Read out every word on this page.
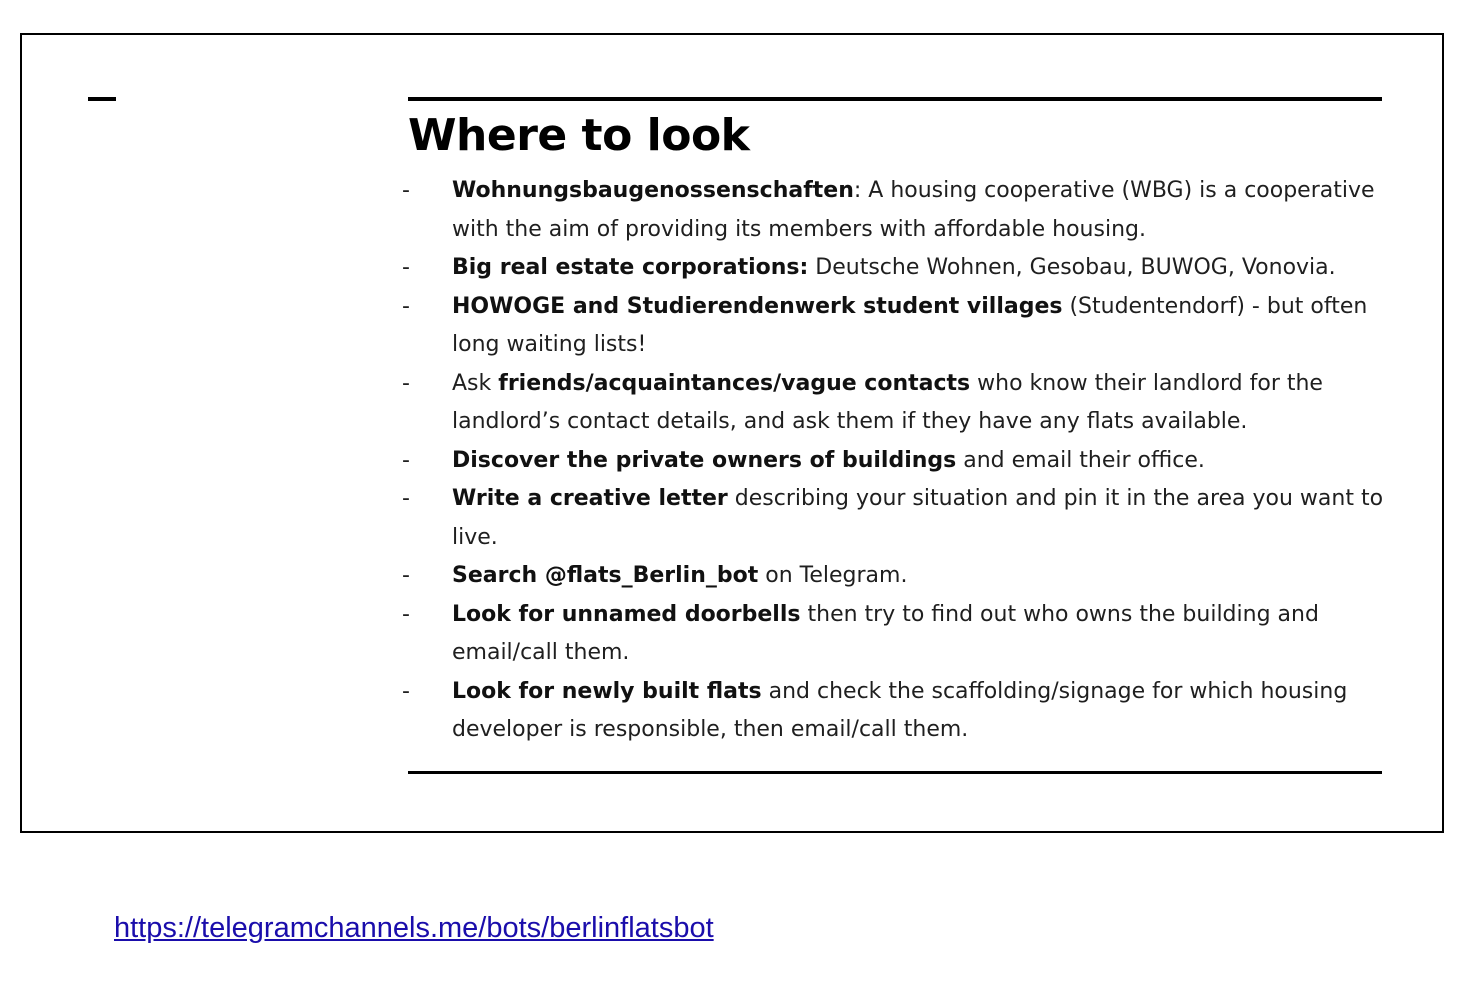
Where to look
-	Wohnungsbaugenossenschaften: A housing cooperative (WBG) is a cooperative with the aim of providing its members with affordable housing.
-	Big real estate corporations: Deutsche Wohnen, Gesobau, BUWOG, Vonovia.
-	HOWOGE and Studierendenwerk student villages (Studentendorf) - but often long waiting lists!
-	Ask friends/acquaintances/vague contacts who know their landlord for the landlord’s contact details, and ask them if they have any flats available.
-	Discover the private owners of buildings and email their office.
-	Write a creative letter describing your situation and pin it in the area you want to live.
-	Search @flats_Berlin_bot on Telegram.
-	Look for unnamed doorbells then try to find out who owns the building and email/call them.
-	Look for newly built flats and check the scaffolding/signage for which housing developer is responsible, then email/call them.
https://telegramchannels.me/bots/berlinflatsbot
